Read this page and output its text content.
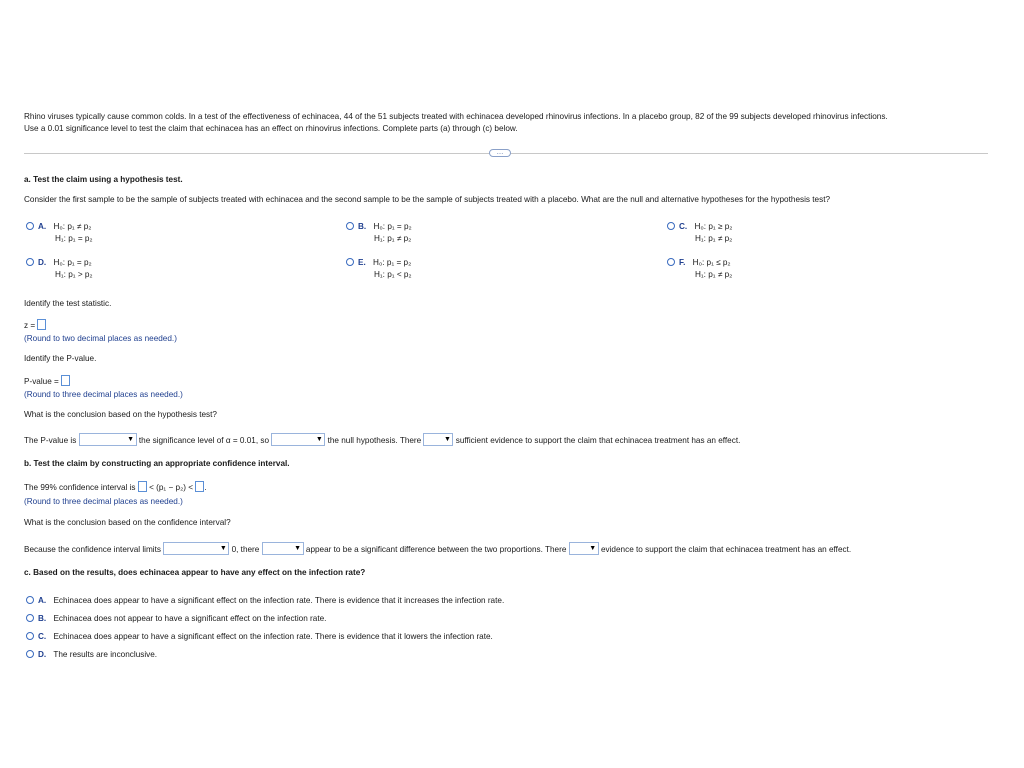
Rhino viruses typically cause common colds. In a test of the effectiveness of echinacea, 44 of the 51 subjects treated with echinacea developed rhinovirus infections. In a placebo group, 82 of the 99 subjects developed rhinovirus infections.
Use a 0.01 significance level to test the claim that echinacea has an effect on rhinovirus infections. Complete parts (a) through (c) below.
…
a. Test the claim using a hypothesis test.
Consider the first sample to be the sample of subjects treated with echinacea and the second sample to be the sample of subjects treated with a placebo. What are the null and alternative hypotheses for the hypothesis test?
A. H₀: p₁ ≠ p₂
H₁: p₁ = p₂
B. H₀: p₁ = p₂
H₁: p₁ ≠ p₂
C. H₀: p₁ ≥ p₂
H₁: p₁ ≠ p₂
D. H₀: p₁ = p₂
H₁: p₁ > p₂
E. H₀: p₁ = p₂
H₁: p₁ < p₂
F. H₀: p₁ ≤ p₂
H₁: p₁ ≠ p₂
Identify the test statistic.
z =
(Round to two decimal places as needed.)
Identify the P-value.
P-value =
(Round to three decimal places as needed.)
What is the conclusion based on the hypothesis test?
The P-value is	▼ the significance level of α = 0.01, so	▼ the null hypothesis. There	▼ sufficient evidence to support the claim that echinacea treatment has an effect.
b. Test the claim by constructing an appropriate confidence interval.
The 99% confidence interval is < (p₁ − p₂) < .
(Round to three decimal places as needed.)
What is the conclusion based on the confidence interval?
Because the confidence interval limits	▼ 0, there	▼ appear to be a significant difference between the two proportions. There	▼ evidence to support the claim that echinacea treatment has an effect.
c. Based on the results, does echinacea appear to have any effect on the infection rate?
A. Echinacea does appear to have a significant effect on the infection rate. There is evidence that it increases the infection rate.
B. Echinacea does not appear to have a significant effect on the infection rate.
C. Echinacea does appear to have a significant effect on the infection rate. There is evidence that it lowers the infection rate.
D. The results are inconclusive.
